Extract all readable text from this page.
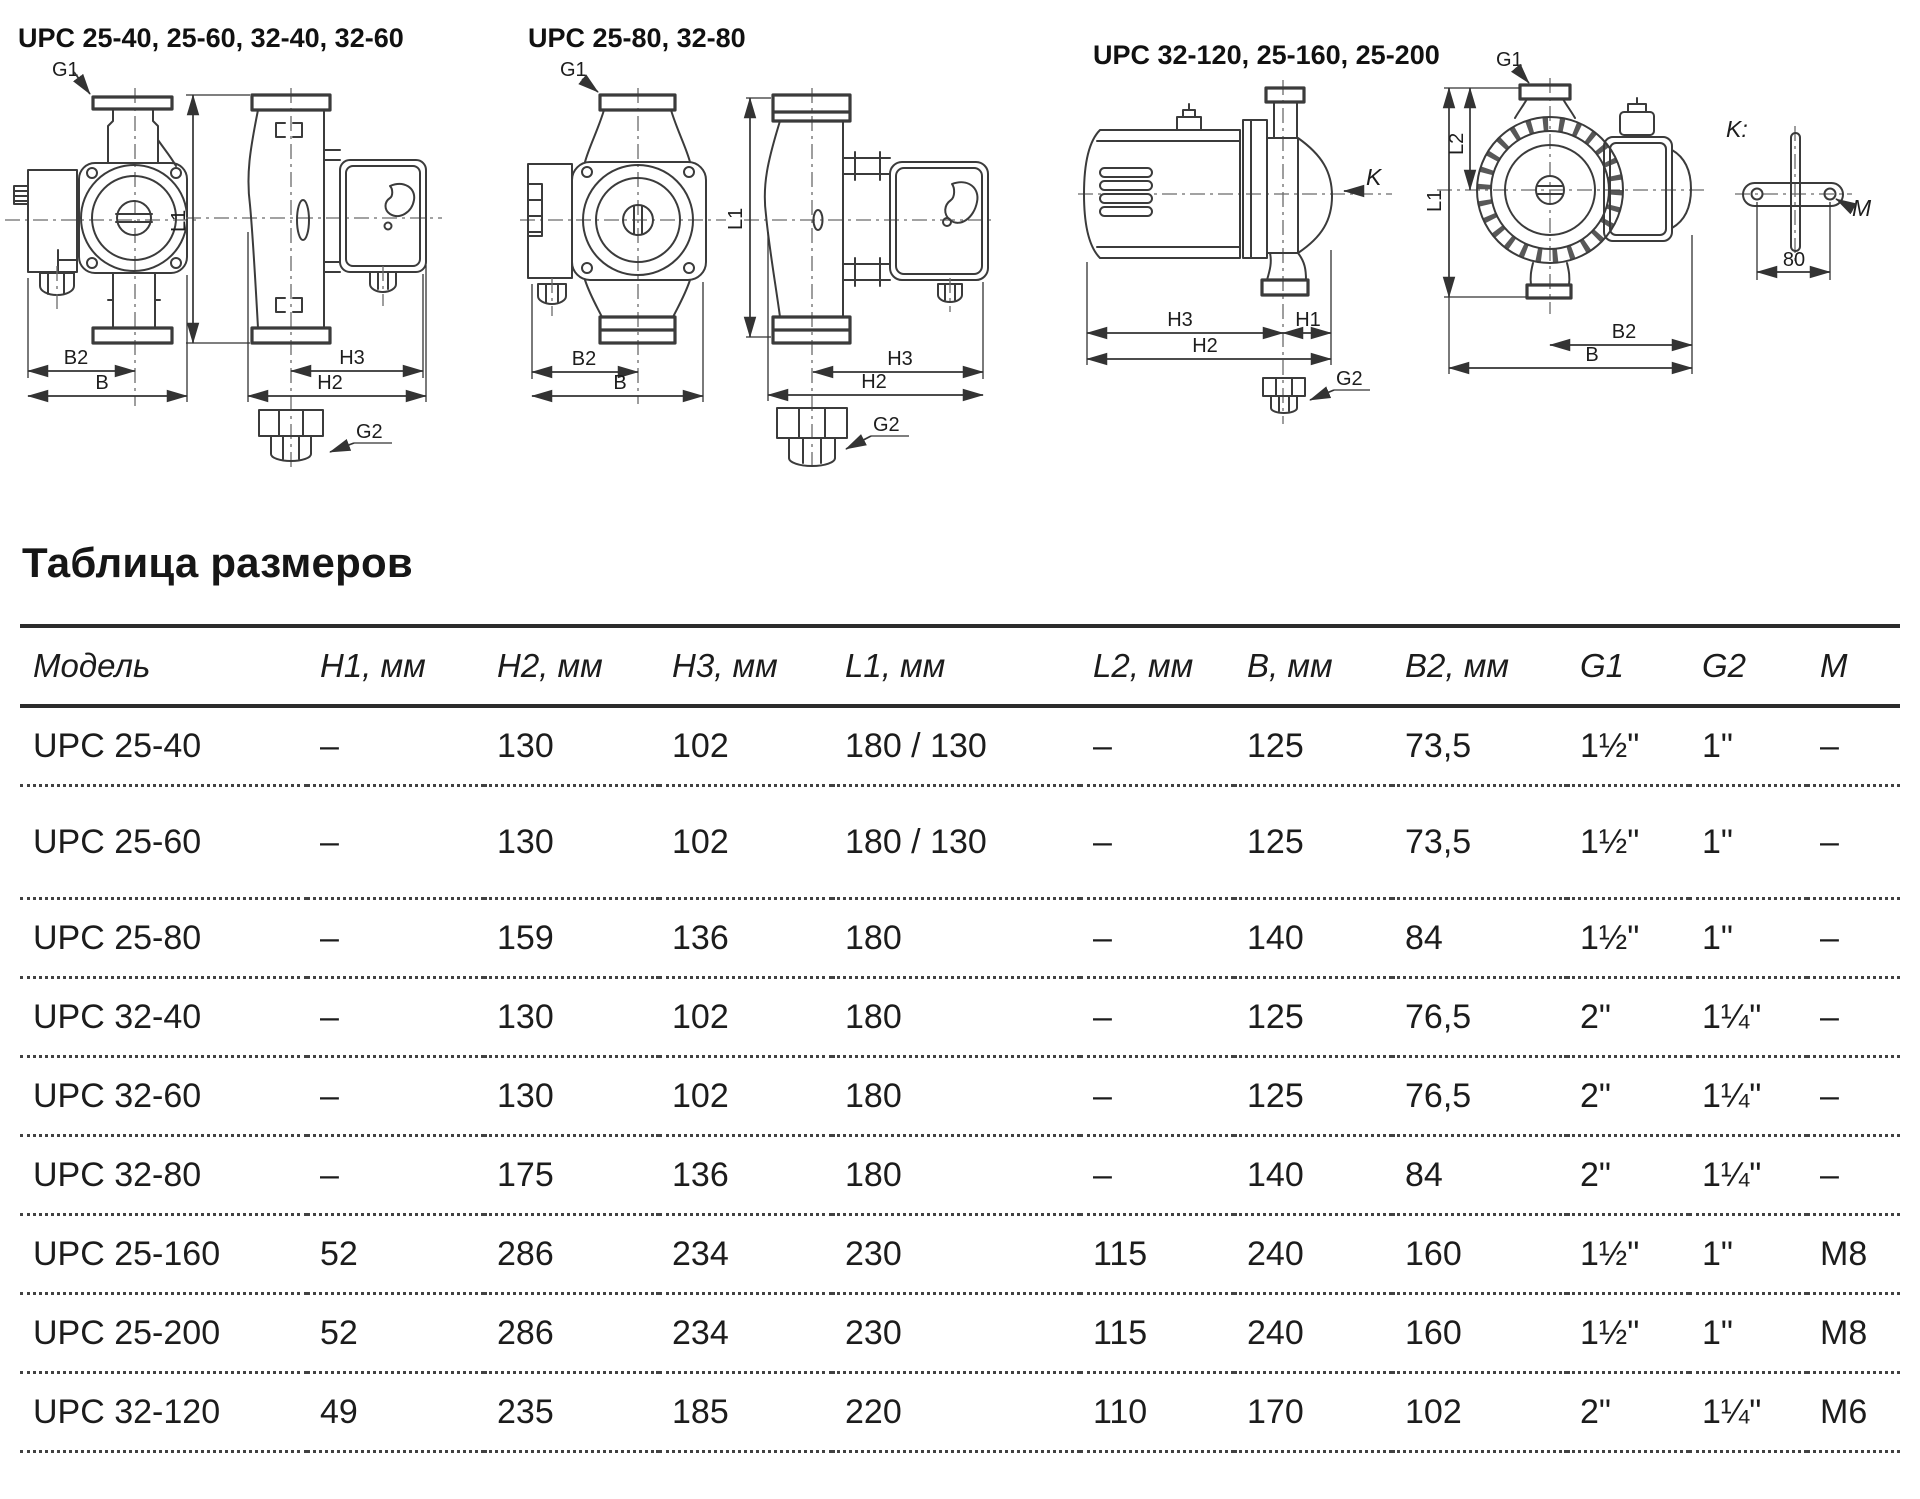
UPC 25-40, 25-60, 32-40, 32-60
G1
B2
B
L1
H3
H2
G2
UPC 25-80, 32-80
G1
B2
B
L1
H3
H2
G2
UPC 32-120, 25-160, 25-200
K
H3	H1
H2
G2
G1
L1
L2
B2
B
K:
M
80
Таблица размеров
Модель	H1, мм	H2, мм	H3, мм	L1, мм	L2, мм	B, мм	B2, мм	G1	G2	M
UPC 25-40	–	130	102	180 / 130	–	125	73,5	1½"	1"	–
UPC 25-60	–	130	102	180 / 130	–	125	73,5	1½"	1"	–
UPC 25-80	–	159	136	180	–	140	84	1½"	1"	–
UPC 32-40	–	130	102	180	–	125	76,5	2"	1¼"	–
UPC 32-60	–	130	102	180	–	125	76,5	2"	1¼"	–
UPC 32-80	–	175	136	180	–	140	84	2"	1¼"	–
UPC 25-160	52	286	234	230	115	240	160	1½"	1"	M8
UPC 25-200	52	286	234	230	115	240	160	1½"	1"	M8
UPC 32-120	49	235	185	220	110	170	102	2"	1¼"	M6
